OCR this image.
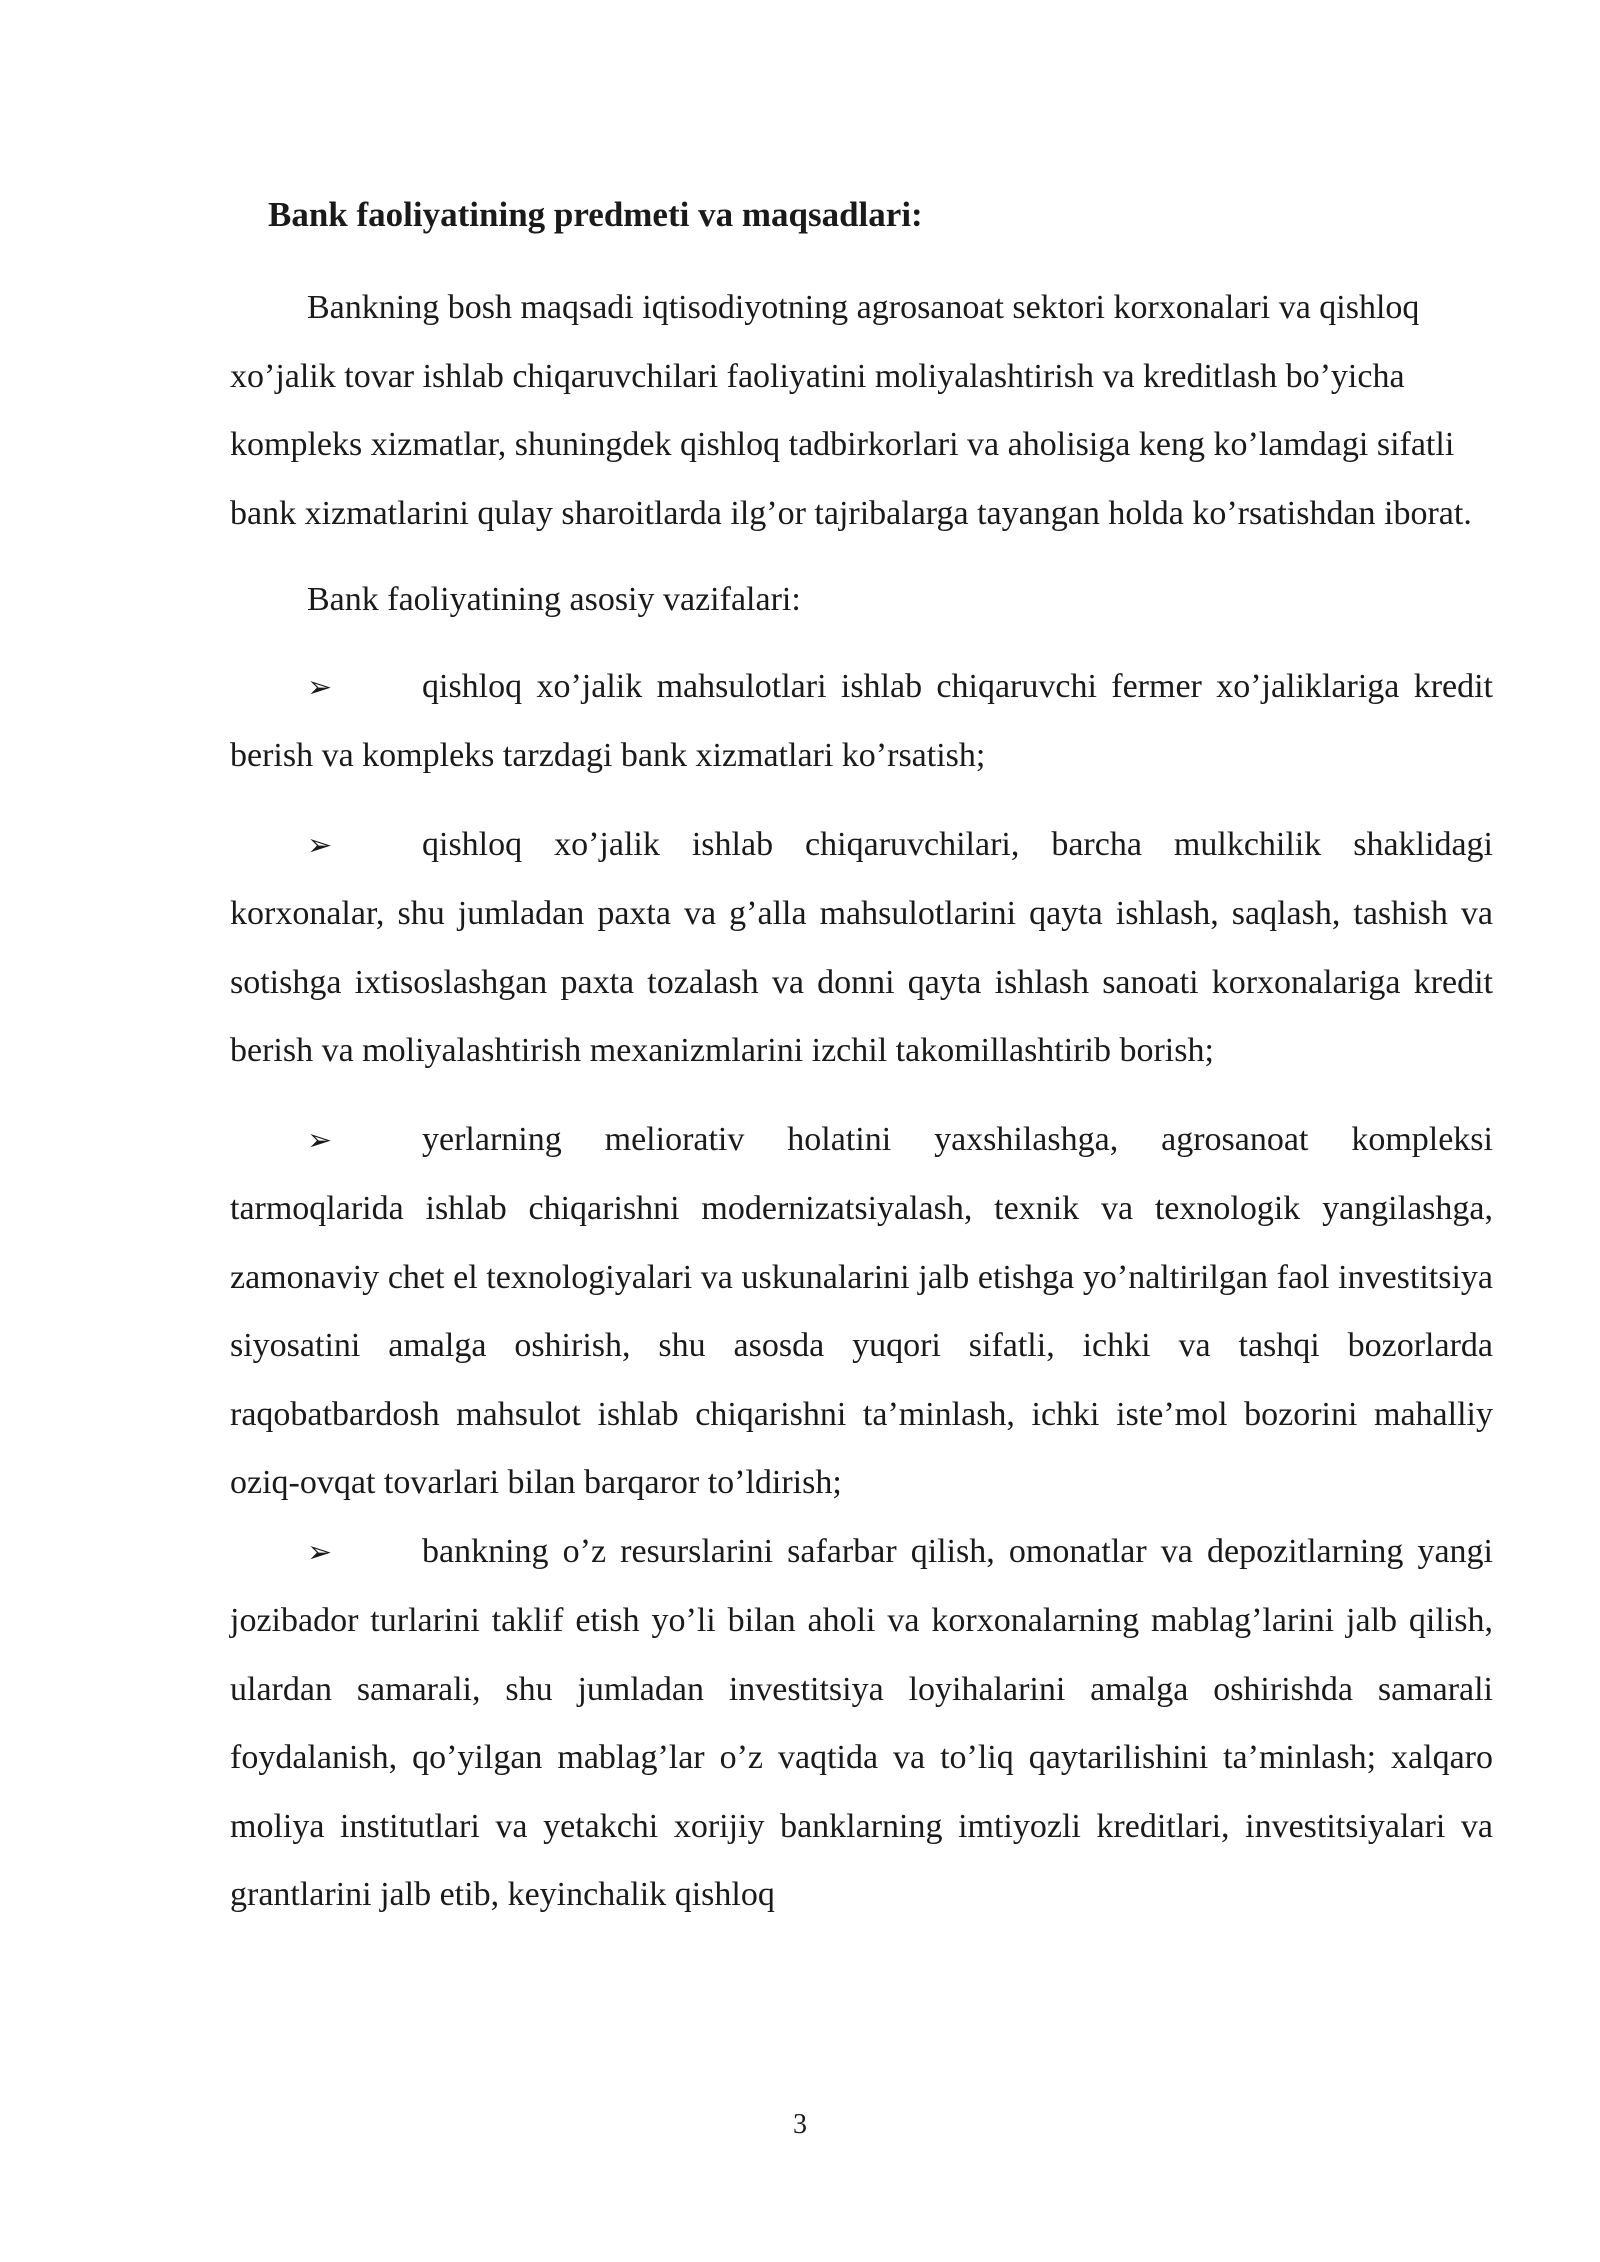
Bank faoliyatining predmeti va maqsadlari:

Bankning bosh maqsadi iqtisodiyotning agrosanoat sektori korxonalari va qishloq xoʼjalik tovar ishlab chiqaruvchilari faoliyatini moliyalashtirish va kreditlash boʼyicha kompleks xizmatlar, shuningdek qishloq tadbirkorlari va aholisiga keng koʼlamdagi sifatli bank xizmatlarini qulay sharoitlarda ilgʼor tajribalarga tayangan holda koʼrsatishdan iborat.

Bank faoliyatining asosiy vazifalari:

➢	qishloq xoʼjalik mahsulotlari ishlab chiqaruvchi fermer xoʼjaliklariga kredit berish va kompleks tarzdagi bank xizmatlari koʼrsatish;

➢	qishloq xoʼjalik ishlab chiqaruvchilari, barcha mulkchilik shaklidagi korxonalar, shu jumladan paxta va gʼalla mahsulotlarini qayta ishlash, saqlash, tashish va sotishga ixtisoslashgan paxta tozalash va donni qayta ishlash sanoati korxonalariga kredit berish va moliyalashtirish mexanizmlarini izchil takomillashtirib borish;

➢	yerlarning meliorativ holatini yaxshilashga, agrosanoat kompleksi tarmoqlarida ishlab chiqarishni modernizatsiyalash, texnik va texnologik yangilashga, zamonaviy chet el texnologiyalari va uskunalarini jalb etishga yoʼnaltirilgan faol investitsiya siyosatini amalga oshirish, shu asosda yuqori sifatli, ichki va tashqi bozorlarda raqobatbardosh mahsulot ishlab chiqarishni taʼminlash, ichki isteʼmol bozorini mahalliy oziq-ovqat tovarlari bilan barqaror toʼldirish;

➢	bankning oʼz resurslarini safarbar qilish, omonatlar va depozitlarning yangi jozibador turlarini taklif etish yoʼli bilan aholi va korxonalarning mablagʼlarini jalb qilish, ulardan samarali, shu jumladan investitsiya loyihalarini amalga oshirishda samarali foydalanish, qoʼyilgan mablagʼlar oʼz vaqtida va toʼliq qaytarilishini taʼminlash; xalqaro moliya institutlari va yetakchi xorijiy banklarning imtiyozli kreditlari, investitsiyalari va grantlarini jalb etib, keyinchalik qishloq

3
